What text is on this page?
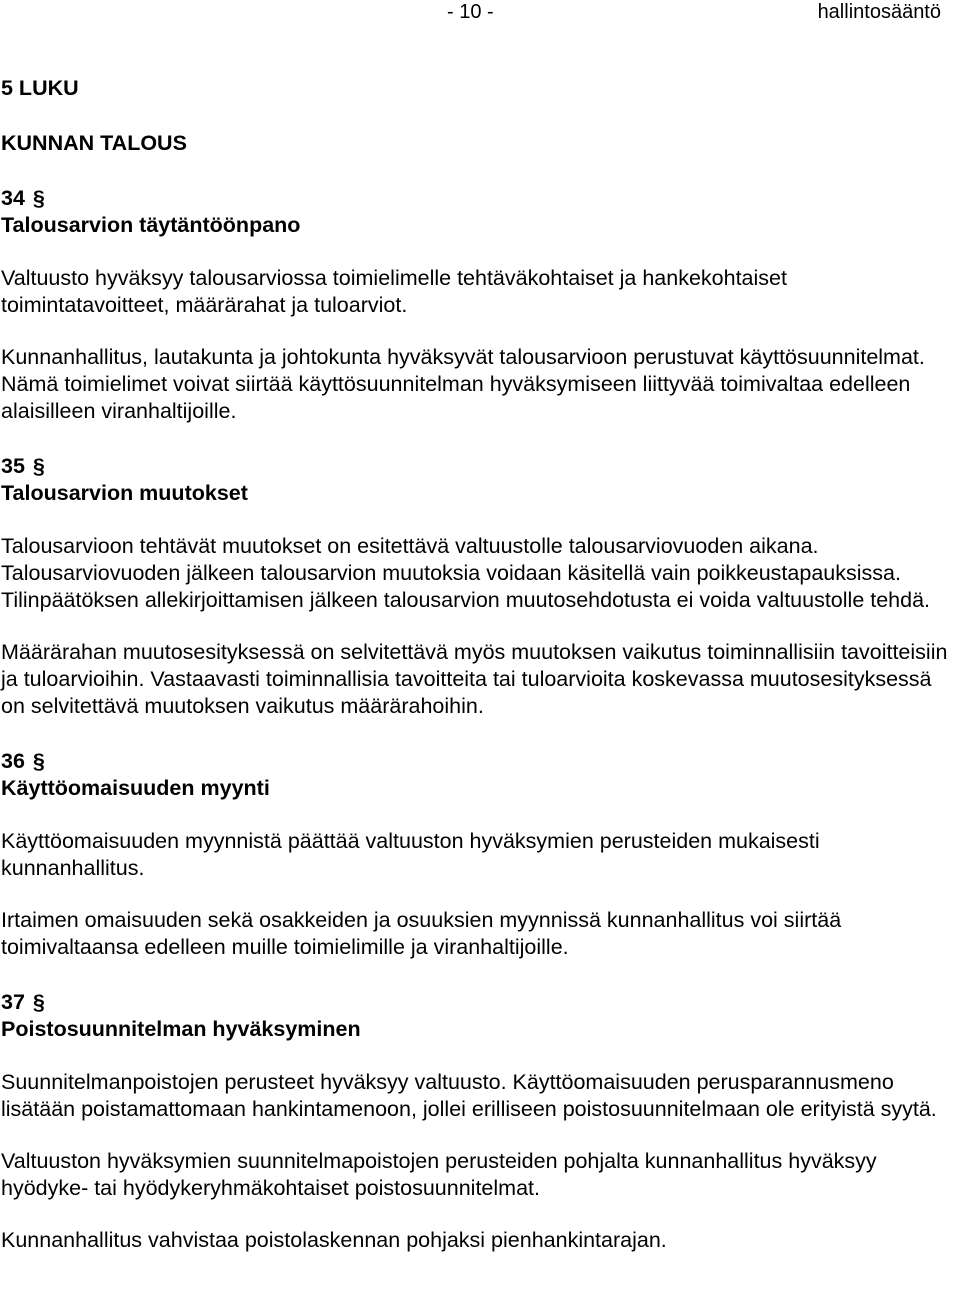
- 10 -	hallintosääntö

5 LUKU

KUNNAN TALOUS

34 §

Talousarvion täytäntöönpano

Valtuusto hyväksyy talousarviossa toimielimelle tehtäväkohtaiset ja hankekohtaiset toimintatavoitteet, määrärahat ja tuloarviot.

Kunnanhallitus, lautakunta ja johtokunta hyväksyvät talousarvioon perustuvat käyttösuunnitelmat. Nämä toimielimet voivat siirtää käyttösuunnitelman hyväksymiseen liittyvää toimivaltaa edelleen alaisilleen viranhaltijoille.

35 §

Talousarvion muutokset

Talousarvioon tehtävät muutokset on esitettävä valtuustolle talousarviovuoden aikana. Talousarviovuoden jälkeen talousarvion muutoksia voidaan käsitellä vain poikkeustapauksissa. Tilinpäätöksen allekirjoittamisen jälkeen talousarvion muutosehdotusta ei voida valtuustolle tehdä.

Määrärahan muutosesityksessä on selvitettävä myös muutoksen vaikutus toiminnallisiin tavoitteisiin ja tuloarvioihin. Vastaavasti toiminnallisia tavoitteita tai tuloarvioita koskevassa muutosesityksessä on selvitettävä muutoksen vaikutus määrärahoihin.

36 §

Käyttöomaisuuden myynti

Käyttöomaisuuden myynnistä päättää valtuuston hyväksymien perusteiden mukaisesti kunnanhallitus.

Irtaimen omaisuuden sekä osakkeiden ja osuuksien myynnissä kunnanhallitus voi siirtää toimivaltaansa edelleen muille toimielimille ja viranhaltijoille.

37 §

Poistosuunnitelman hyväksyminen

Suunnitelmanpoistojen perusteet hyväksyy valtuusto. Käyttöomaisuuden perusparannusmeno lisätään poistamattomaan hankintamenoon, jollei erilliseen poistosuunnitelmaan ole erityistä syytä.

Valtuuston hyväksymien suunnitelmapoistojen perusteiden pohjalta kunnanhallitus hyväksyy hyödyke- tai hyödykeryhmäkohtaiset poistosuunnitelmat.

Kunnanhallitus vahvistaa poistolaskennan pohjaksi pienhankintarajan.
